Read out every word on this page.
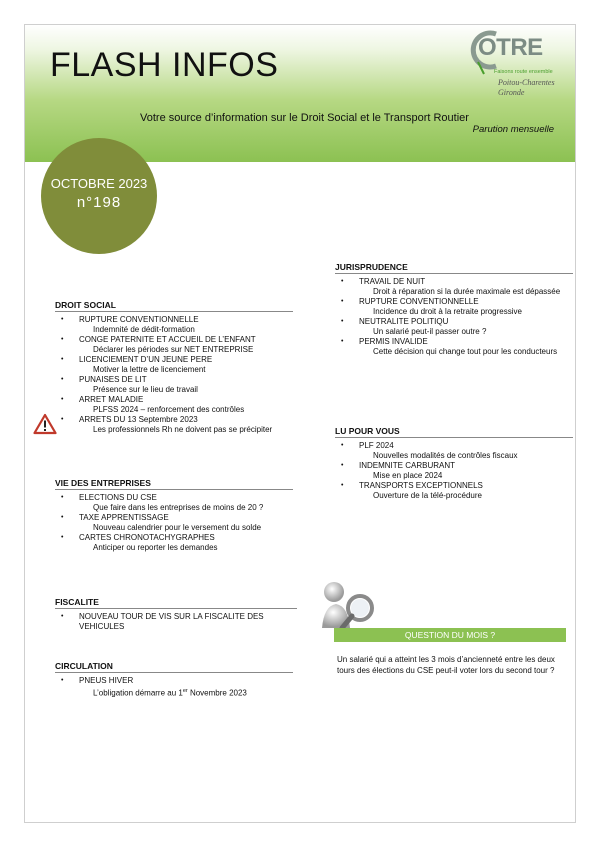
FLASH INFOS
Votre source d’information sur le Droit Social et le Transport Routier
Parution mensuelle
OTRE
Faisons route ensemble
Poitou-Charentes
Gironde
OCTOBRE 2023
n°198
DROIT SOCIAL
• RUPTURE CONVENTIONNELLE
Indemnité de dédit-formation
• CONGE PATERNITE ET ACCUEIL DE L’ENFANT
Déclarer les périodes sur NET ENTREPRISE
• LICENCIEMENT D’UN JEUNE PERE
Motiver la lettre de licenciement
• PUNAISES DE LIT
Présence sur le lieu de travail
• ARRET MALADIE
PLFSS 2024 – renforcement des contrôles
• ARRETS DU 13 Septembre 2023
Les professionnels Rh ne doivent pas se précipiter
VIE DES ENTREPRISES
• ELECTIONS DU CSE
Que faire dans les entreprises de moins de 20 ?
• TAXE APPRENTISSAGE
Nouveau calendrier pour le versement du solde
• CARTES CHRONOTACHYGRAPHES
Anticiper ou reporter les demandes
FISCALITE
• NOUVEAU TOUR DE VIS SUR LA FISCALITE DES VEHICULES
CIRCULATION
• PNEUS HIVER
L’obligation démarre au 1er Novembre 2023
JURISPRUDENCE
• TRAVAIL DE NUIT
Droit à réparation si la durée maximale est dépassée
• RUPTURE CONVENTIONNELLE
Incidence du droit à la retraite progressive
• NEUTRALITE POLITIQU
Un salarié peut-il passer outre ?
• PERMIS INVALIDE
Cette décision qui change tout pour les conducteurs
LU POUR VOUS
• PLF 2024
Nouvelles modalités de contrôles fiscaux
• INDEMNITE CARBURANT
Mise en place 2024
• TRANSPORTS EXCEPTIONNELS
Ouverture de la télé-procédure
QUESTION DU MOIS ?
Un salarié qui a atteint les 3 mois d’ancienneté entre les deux tours des élections du CSE peut-il voter lors du second tour ?
